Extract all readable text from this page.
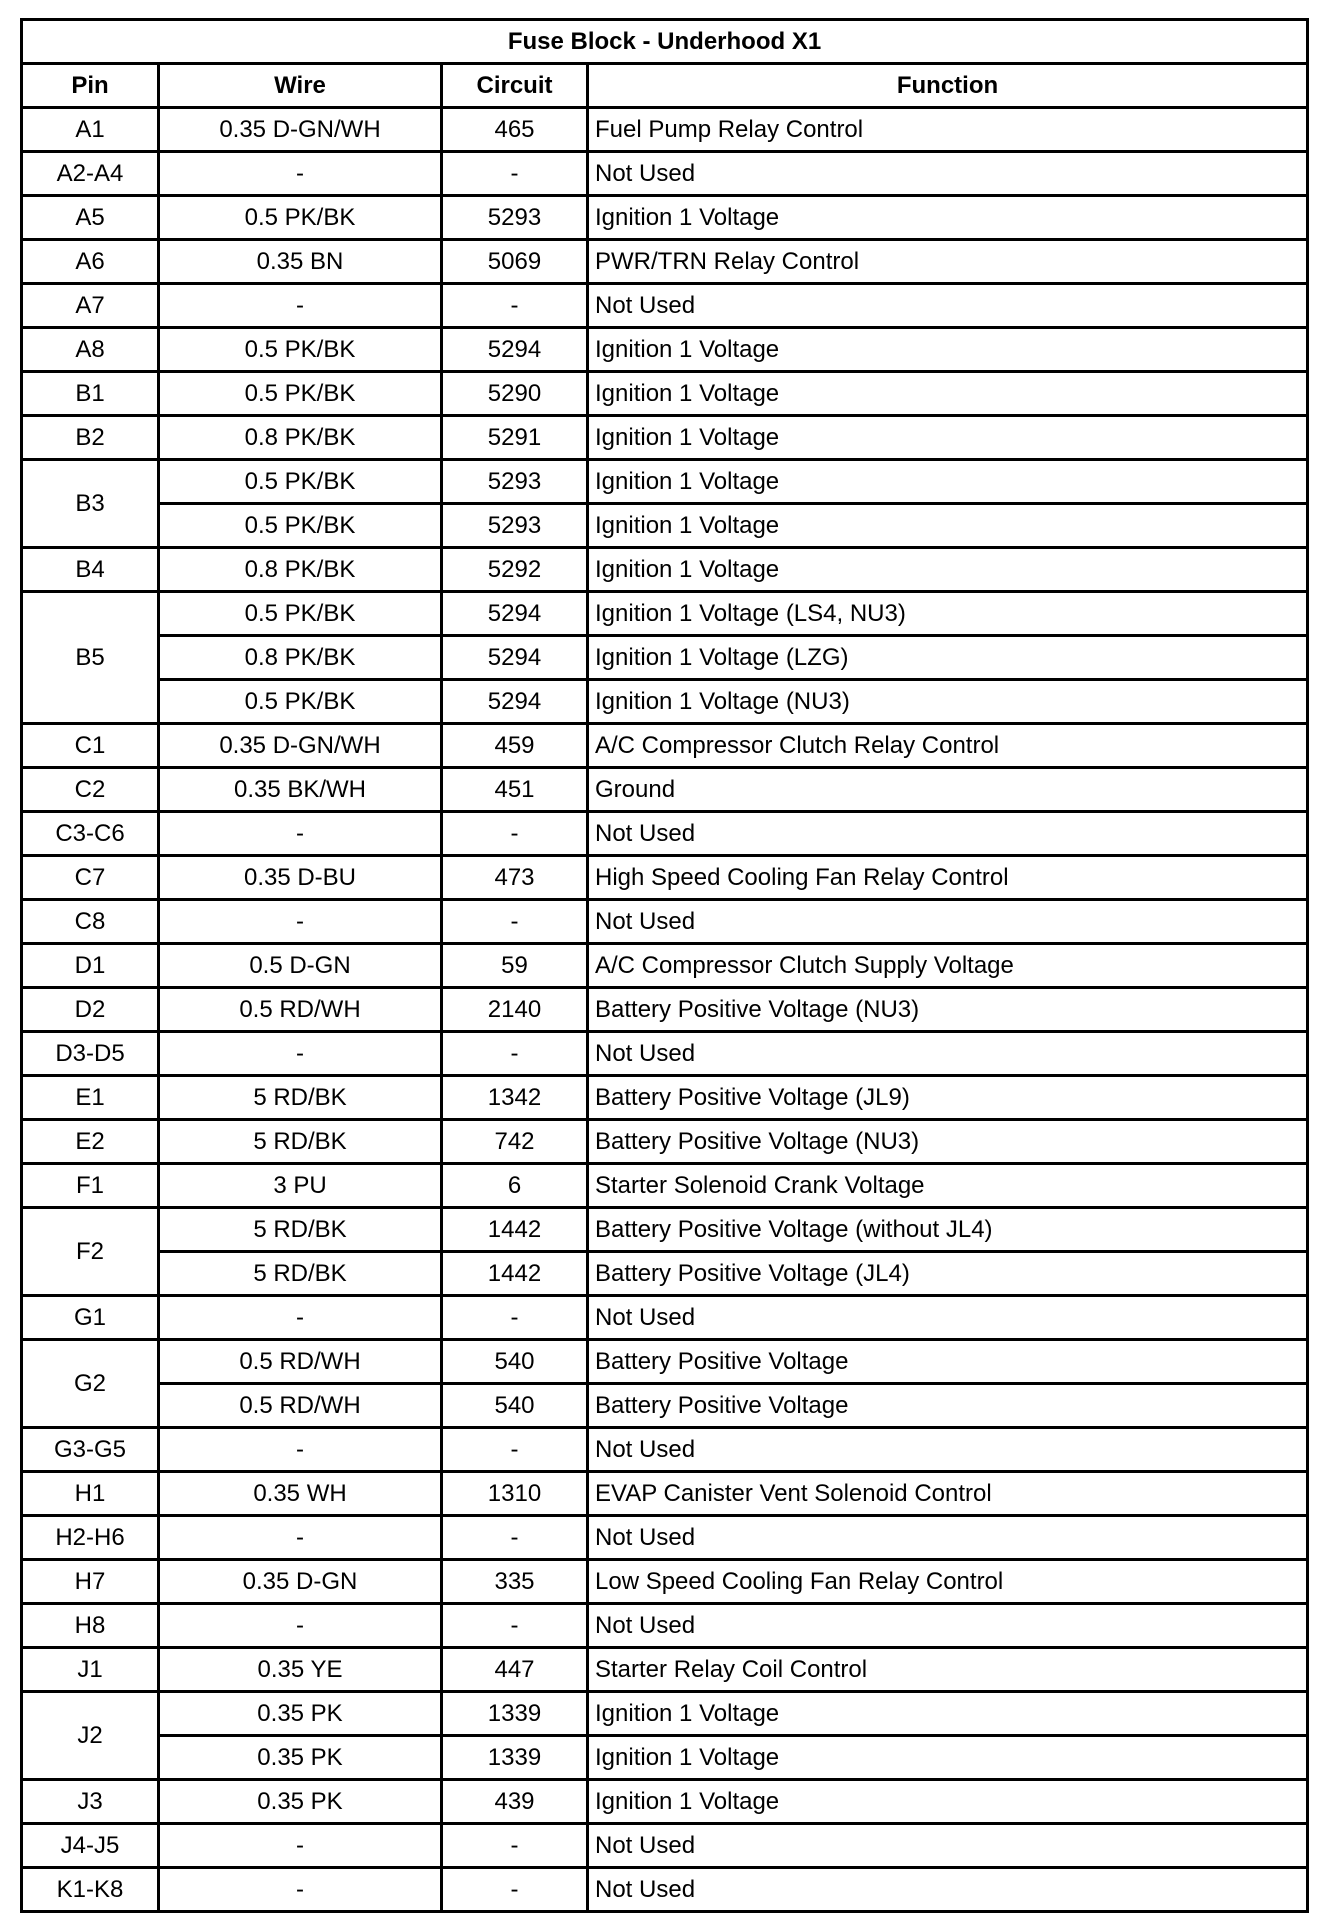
Fuse Block - Underhood X1			
Pin	Wire	Circuit	Function
A1	0.35 D-GN/WH	465	Fuel Pump Relay Control
A2-A4	-	-	Not Used
A5	0.5 PK/BK	5293	Ignition 1 Voltage
A6	0.35 BN	5069	PWR/TRN Relay Control
A7	-	-	Not Used
A8	0.5 PK/BK	5294	Ignition 1 Voltage
B1	0.5 PK/BK	5290	Ignition 1 Voltage
B2	0.8 PK/BK	5291	Ignition 1 Voltage
B3	0.5 PK/BK	5293	Ignition 1 Voltage
	0.5 PK/BK	5293	Ignition 1 Voltage
B4	0.8 PK/BK	5292	Ignition 1 Voltage
B5	0.5 PK/BK	5294	Ignition 1 Voltage (LS4, NU3)
	0.8 PK/BK	5294	Ignition 1 Voltage (LZG)
	0.5 PK/BK	5294	Ignition 1 Voltage (NU3)
C1	0.35 D-GN/WH	459	A/C Compressor Clutch Relay Control
C2	0.35 BK/WH	451	Ground
C3-C6	-	-	Not Used
C7	0.35 D-BU	473	High Speed Cooling Fan Relay Control
C8	-	-	Not Used
D1	0.5 D-GN	59	A/C Compressor Clutch Supply Voltage
D2	0.5 RD/WH	2140	Battery Positive Voltage (NU3)
D3-D5	-	-	Not Used
E1	5 RD/BK	1342	Battery Positive Voltage (JL9)
E2	5 RD/BK	742	Battery Positive Voltage (NU3)
F1	3 PU	6	Starter Solenoid Crank Voltage
F2	5 RD/BK	1442	Battery Positive Voltage (without JL4)
	5 RD/BK	1442	Battery Positive Voltage (JL4)
G1	-	-	Not Used
G2	0.5 RD/WH	540	Battery Positive Voltage
	0.5 RD/WH	540	Battery Positive Voltage
G3-G5	-	-	Not Used
H1	0.35 WH	1310	EVAP Canister Vent Solenoid Control
H2-H6	-	-	Not Used
H7	0.35 D-GN	335	Low Speed Cooling Fan Relay Control
H8	-	-	Not Used
J1	0.35 YE	447	Starter Relay Coil Control
J2	0.35 PK	1339	Ignition 1 Voltage
	0.35 PK	1339	Ignition 1 Voltage
J3	0.35 PK	439	Ignition 1 Voltage
J4-J5	-	-	Not Used
K1-K8	-	-	Not Used
